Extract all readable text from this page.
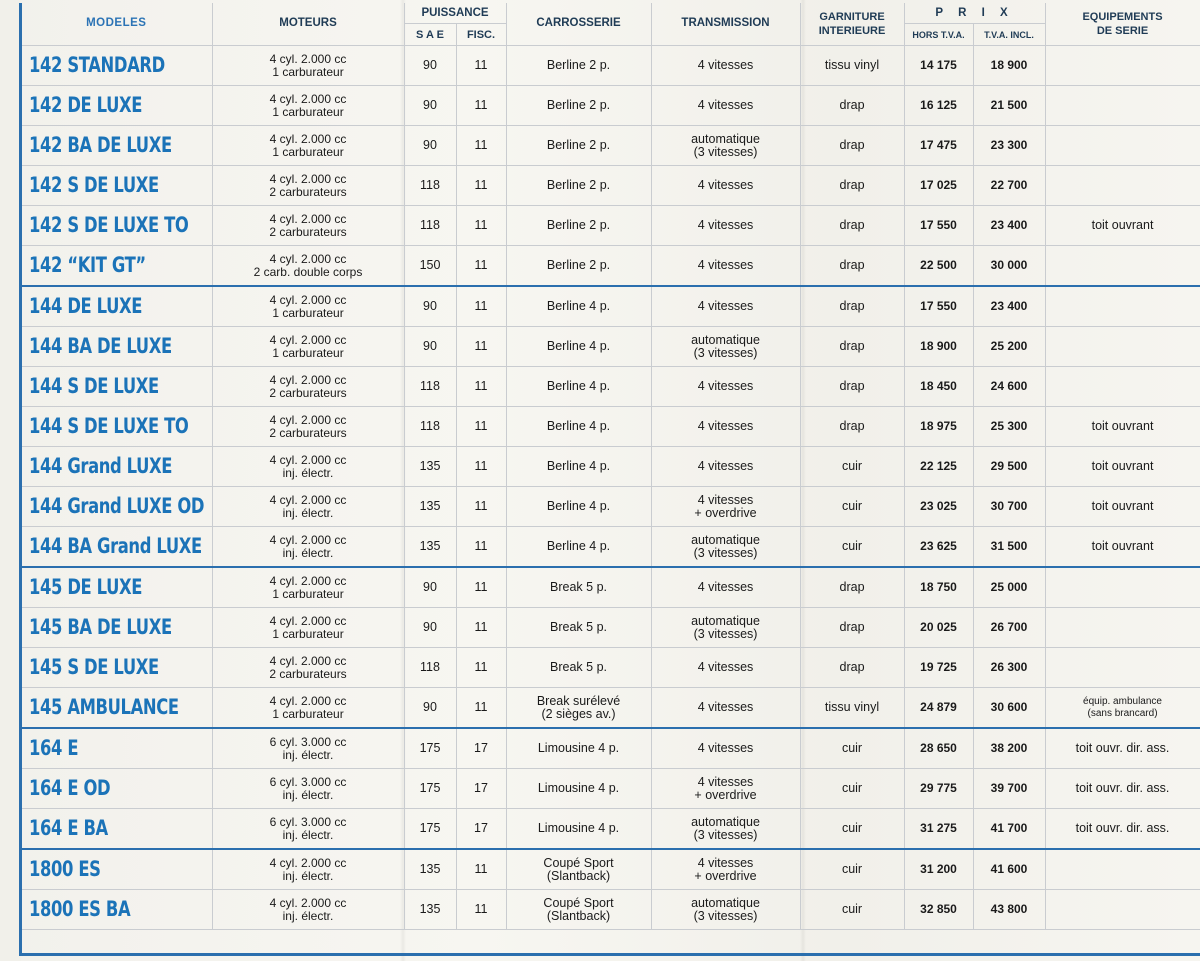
MODELES	MOTEURS	PUISSANCE		CARROSSERIE	TRANSMISSION	GARNITURE
INTERIEURE	P R I X		EQUIPEMENTS
DE SERIE

		S A E	FISC.				HORS T.V.A.	T.V.A. INCL.	
142 STANDARD	4 cyl. 2.000 cc
1 carburateur	90	11	Berline 2 p.	4 vitesses	tissu vinyl	14 175	18 900	
142 DE LUXE	4 cyl. 2.000 cc
1 carburateur	90	11	Berline 2 p.	4 vitesses	drap	16 125	21 500	
142 BA DE LUXE	4 cyl. 2.000 cc
1 carburateur	90	11	Berline 2 p.	automatique
(3 vitesses)	drap	17 475	23 300	
142 S DE LUXE	4 cyl. 2.000 cc
2 carburateurs	118	11	Berline 2 p.	4 vitesses	drap	17 025	22 700	
142 S DE LUXE TO	4 cyl. 2.000 cc
2 carburateurs	118	11	Berline 2 p.	4 vitesses	drap	17 550	23 400	toit ouvrant
142 “KIT GT”	4 cyl. 2.000 cc
2 carb. double corps	150	11	Berline 2 p.	4 vitesses	drap	22 500	30 000	
144 DE LUXE	4 cyl. 2.000 cc
1 carburateur	90	11	Berline 4 p.	4 vitesses	drap	17 550	23 400	
144 BA DE LUXE	4 cyl. 2.000 cc
1 carburateur	90	11	Berline 4 p.	automatique
(3 vitesses)	drap	18 900	25 200	
144 S DE LUXE	4 cyl. 2.000 cc
2 carburateurs	118	11	Berline 4 p.	4 vitesses	drap	18 450	24 600	
144 S DE LUXE TO	4 cyl. 2.000 cc
2 carburateurs	118	11	Berline 4 p.	4 vitesses	drap	18 975	25 300	toit ouvrant
144 Grand LUXE	4 cyl. 2.000 cc
inj. électr.	135	11	Berline 4 p.	4 vitesses	cuir	22 125	29 500	toit ouvrant
144 Grand LUXE OD	4 cyl. 2.000 cc
inj. électr.	135	11	Berline 4 p.	4 vitesses
+ overdrive	cuir	23 025	30 700	toit ouvrant
144 BA Grand LUXE	4 cyl. 2.000 cc
inj. électr.	135	11	Berline 4 p.	automatique
(3 vitesses)	cuir	23 625	31 500	toit ouvrant
145 DE LUXE	4 cyl. 2.000 cc
1 carburateur	90	11	Break 5 p.	4 vitesses	drap	18 750	25 000	
145 BA DE LUXE	4 cyl. 2.000 cc
1 carburateur	90	11	Break 5 p.	automatique
(3 vitesses)	drap	20 025	26 700	
145 S DE LUXE	4 cyl. 2.000 cc
2 carburateurs	118	11	Break 5 p.	4 vitesses	drap	19 725	26 300	
145 AMBULANCE	4 cyl. 2.000 cc
1 carburateur	90	11	Break surélevé
(2 sièges av.)	4 vitesses	tissu vinyl	24 879	30 600	équip. ambulance
(sans brancard)

164 E	6 cyl. 3.000 cc
inj. électr.	175	17	Limousine 4 p.	4 vitesses	cuir	28 650	38 200	toit ouvr. dir. ass.
164 E OD	6 cyl. 3.000 cc
inj. électr.	175	17	Limousine 4 p.	4 vitesses
+ overdrive	cuir	29 775	39 700	toit ouvr. dir. ass.
164 E BA	6 cyl. 3.000 cc
inj. électr.	175	17	Limousine 4 p.	automatique
(3 vitesses)	cuir	31 275	41 700	toit ouvr. dir. ass.
1800 ES	4 cyl. 2.000 cc
inj. électr.	135	11	Coupé Sport
(Slantback)	4 vitesses
+ overdrive	cuir	31 200	41 600	
1800 ES BA	4 cyl. 2.000 cc
inj. électr.	135	11	Coupé Sport
(Slantback)	automatique
(3 vitesses)	cuir	32 850	43 800	
